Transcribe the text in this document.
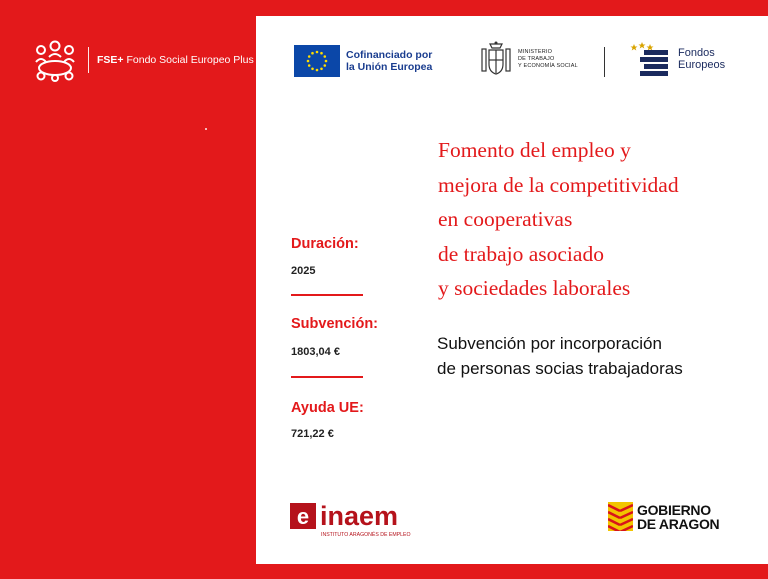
FSE+ Fondo Social Europeo Plus	Cofinanciado por
la Unión Europea
MINISTERIO
DE TRABAJO
Y ECONOMÍA SOCIAL
Fondos
Europeos
Duración:
2025
Subvención:
1803,04 €
Ayuda UE:
721,22 €
Fomento del empleo y
mejora de la competitividad
en cooperativas
de trabajo asociado
y sociedades laborales
Subvención por incorporación
de personas socias trabajadoras
e inaem
INSTITUTO ARAGONÉS DE EMPLEO
GOBIERNO
DE ARAGON
